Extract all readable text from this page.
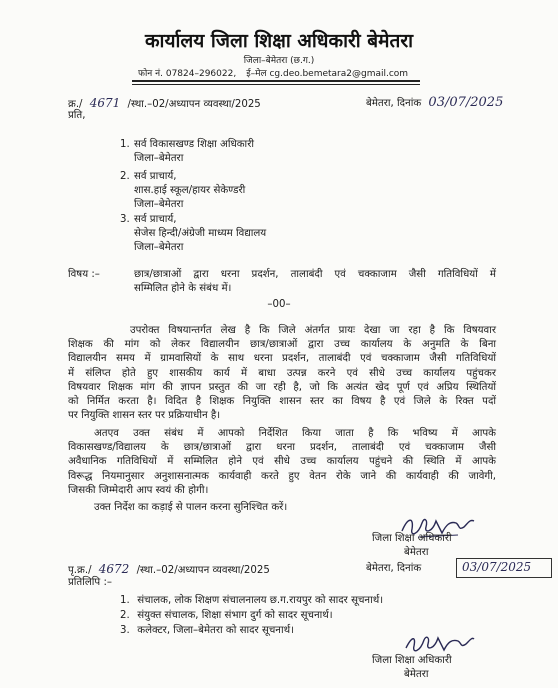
कार्यालय जिला शिक्षा अधिकारी बेमेतरा
जिला–बेमेतरा (छ.ग.)
फोन नं. 07824–296022, ई–मेल cg.deo.bemetara2@gmail.com
क्र./ 4671 /स्था.–02/अध्यापन व्यवस्था/2025	बेमेतरा, दिनांक 03/07/2025
प्रति,
1. सर्व विकासखण्ड शिक्षा अधिकारी
जिला–बेमेतरा
2. सर्व प्राचार्य,
शास.हाई स्कूल/हायर सेकेण्डरी
जिला–बेमेतरा
3. सर्व प्राचार्य,
सेजेस हिन्दी/अंग्रेजी माध्यम विद्यालय
जिला–बेमेतरा
विषय :–	छात्र/छात्राओं द्वारा धरना प्रदर्शन, तालाबंदी एवं चक्काजाम जैसी गतिविधियों में
सम्मिलित होने के संबंध में।
–00–
उपरोक्त विषयान्तर्गत लेख है कि जिले अंतर्गत प्रायः देखा जा रहा है कि विषयवार
शिक्षक की मांग को लेकर विद्यालयीन छात्र/छात्राओं द्वारा उच्च कार्यालय के अनुमति के बिना
विद्यालयीन समय में ग्रामवासियों के साथ धरना प्रदर्शन, तालाबंदी एवं चक्काजाम जैसी गतिविधियों
में संलिप्त होते हुए शासकीय कार्य में बाधा उत्पन्न करने एवं सीधे उच्च कार्यालय पहुंचकर
विषयवार शिक्षक मांग की ज्ञापन प्रस्तुत की जा रही है, जो कि अत्यंत खेद पूर्ण एवं अप्रिय स्थितियों
को निर्मित करता है। विदित है शिक्षक नियुक्ति शासन स्तर का विषय है एवं जिले के रिक्त पदों
पर नियुक्ति शासन स्तर पर प्रक्रियाधीन है।
अतएव उक्त संबंध में आपको निर्देशित किया जाता है कि भविष्य में आपके
विकासखण्ड/विद्यालय के छात्र/छात्राओं द्वारा धरना प्रदर्शन, तालाबंदी एवं चक्काजाम जैसी
अवैधानिक गतिविधियों में सम्मिलित होने एवं सीधे उच्च कार्यालय पहुंचने की स्थिति में आपके
विरूद्ध नियमानुसार अनुशासनात्मक कार्यवाही करते हुए वेतन रोके जाने की कार्यवाही की जावेगी,
जिसकी जिम्मेदारी आप स्वयं की होगी।
उक्त निर्देश का कड़ाई से पालन करना सुनिश्चित करें।
जिला शिक्षा अधिकारी
बेमेतरा
पृ.क्र./ 4672 /स्था.–02/अध्यापन व्यवस्था/2025	बेमेतरा, दिनांक	03/07/2025
प्रतिलिपि :–
1. संचालक, लोक शिक्षण संचालनालय छ.ग.रायपुर को सादर सूचनार्थ।
2. संयुक्त संचालक, शिक्षा संभाग दुर्ग को सादर सूचनार्थ।
3. कलेक्टर, जिला–बेमेतरा को सादर सूचनार्थ।
जिला शिक्षा अधिकारी
बेमेतरा
